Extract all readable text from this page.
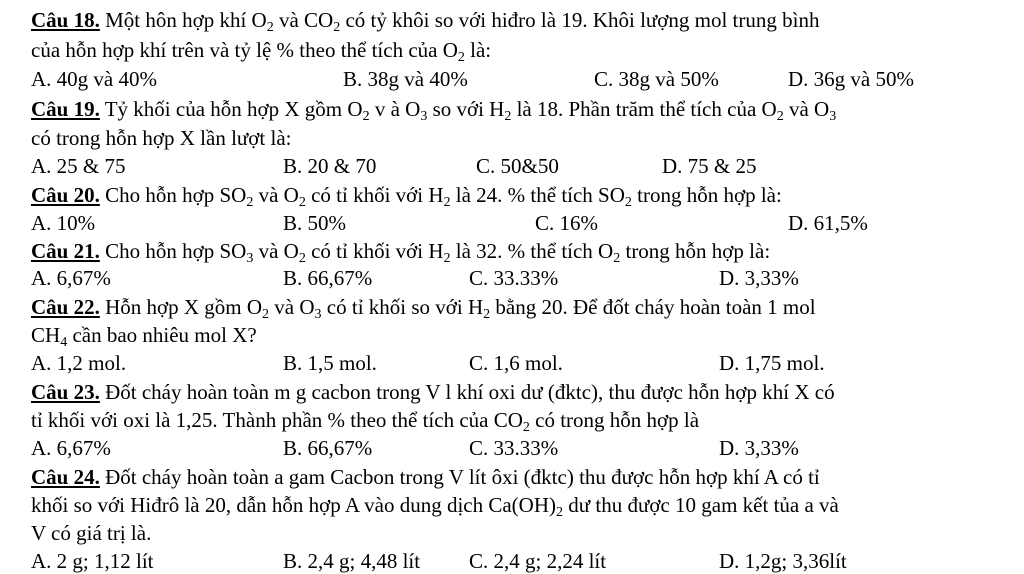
Câu 18. Một hôn hợp khí $O_2$ và $CO_2$ có tỷ khôi so với hiđro là 19. Khôi lượng mol trung bình
của hỗn hợp khí trên và tỷ lệ % theo thể tích của $O_2$ là:
A. 40g và 40%	B. 38g và 40%	C. 38g và 50%	D. 36g và 50%
Câu 19. Tỷ khối của hỗn hợp X gồm $O_2$ v à $O_3$ so với $H_2$ là 18. Phần trăm thể tích của $O_2$ và $O_3$
có trong hỗn hợp X lần lượt là:
A. 25 & 75	B. 20 & 70	C. 50&50	D. 75 & 25
Câu 20. Cho hỗn hợp $SO_2$ và $O_2$ có tỉ khối với $H_2$ là 24. % thể tích $SO_2$ trong hỗn hợp là:
A. 10%	B. 50%	C. 16%	D. 61,5%
Câu 21. Cho hỗn hợp $SO_3$ và $O_2$ có tỉ khối với $H_2$ là 32. % thể tích $O_2$ trong hỗn hợp là:
A. 6,67%	B. 66,67%	C. 33.33%	D. 3,33%
Câu 22. Hỗn hợp X gồm $O_2$ và $O_3$ có tỉ khối so với $H_2$ bằng 20. Để đốt cháy hoàn toàn 1 mol
$CH_4$ cần bao nhiêu mol X?
A. 1,2 mol.	B. 1,5 mol.	C. 1,6 mol.	D. 1,75 mol.
Câu 23. Đốt cháy hoàn toàn m g cacbon trong V l khí oxi dư (đktc), thu được hỗn hợp khí X có
tỉ khối với oxi là 1,25. Thành phần % theo thể tích của $CO_2$ có trong hỗn hợp là
A. 6,67%	B. 66,67%	C. 33.33%	D. 3,33%
Câu 24. Đốt cháy hoàn toàn a gam Cacbon trong V lít ôxi (đktc) thu được hỗn hợp khí A có tỉ
khối so với Hiđrô là 20, dẫn hỗn hợp A vào dung dịch $Ca(OH)_2$ dư thu được 10 gam kết tủa a và
V có giá trị là.
A. 2 g; 1,12 lít	B. 2,4 g; 4,48 lít C. 2,4 g; 2,24 lít	D. 1,2g; 3,36lít
